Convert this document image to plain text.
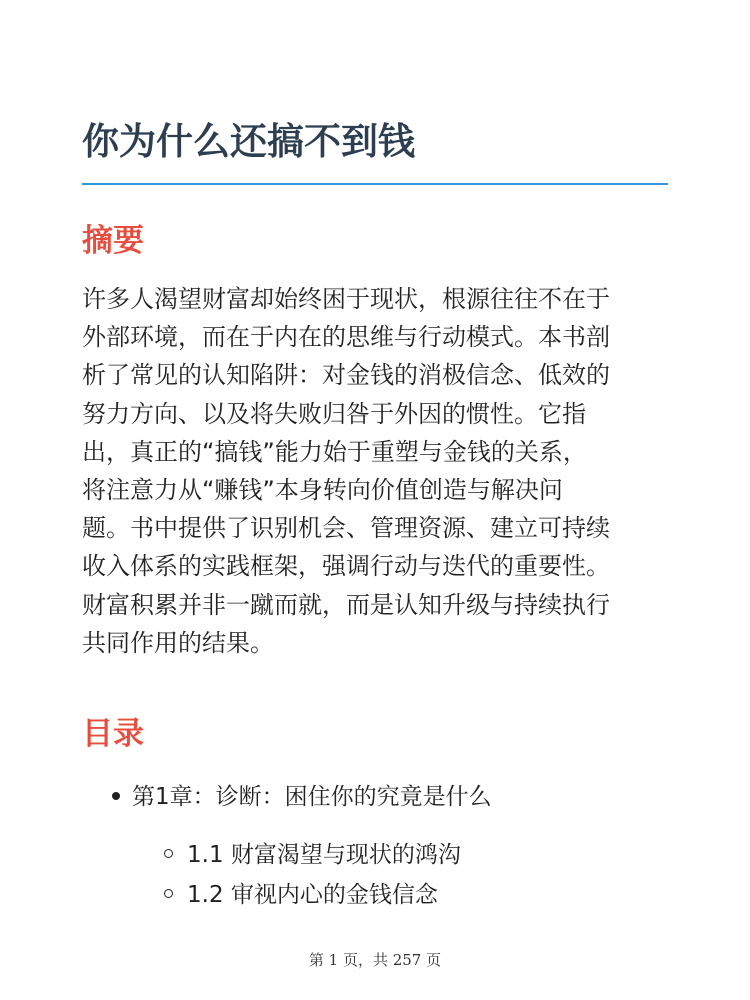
你为什么还搞不到钱
摘要

许多人渴望财富却始终困于现状，根源往往不在于
外部环境，而在于内在的思维与行动模式。本书剖
析了常见的认知陷阱：对金钱的消极信念、低效的
努力方向、以及将失败归咎于外因的惯性。它指
出，真正的“搞钱”能力始于重塑与金钱的关系，
将注意力从“赚钱”本身转向价值创造与解决问
题。书中提供了识别机会、管理资源、建立可持续
收入体系的实践框架，强调行动与迭代的重要性。
财富积累并非一蹴而就，而是认知升级与持续执行
共同作用的结果。

目录
第1章：诊断：困住你的究竟是什么
1.1 财富渴望与现状的鸿沟
1.2 审视内心的金钱信念
第 1 页，共 257 页
